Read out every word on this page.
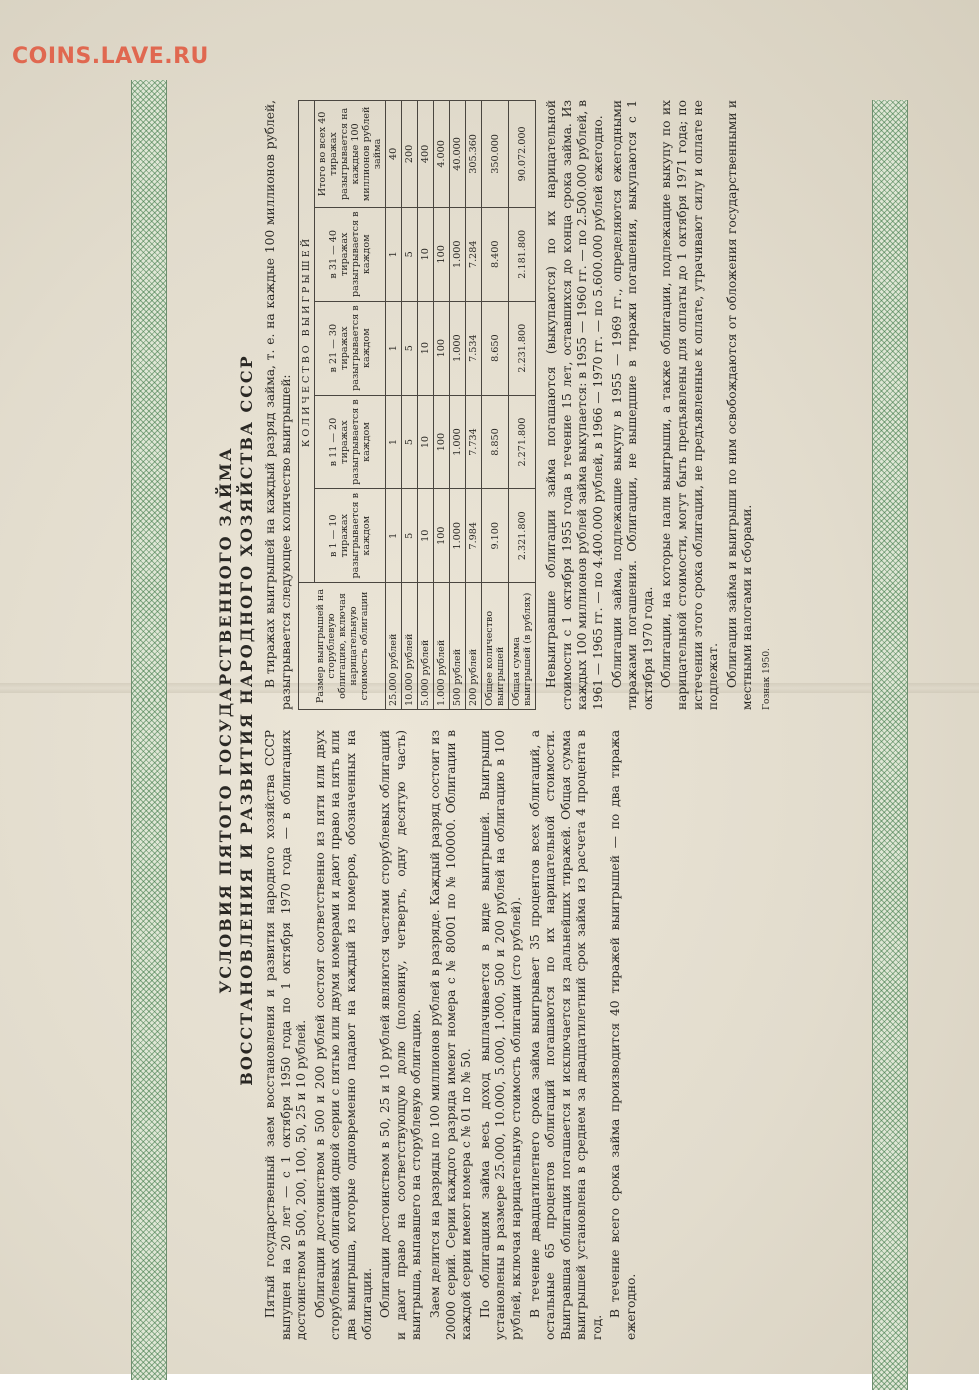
COINS.LAVE.RU
УСЛОВИЯ ПЯТОГО ГОСУДАРСТВЕННОГО ЗАЙМА ВОССТАНОВЛЕНИЯ И РАЗВИТИЯ НАРОДНОГО ХОЗЯЙСТВА СССР Пятый государственный заем восстановления и развития народного хозяйства СССР выпущен на 20 лет — с 1 октября 1950 года по 1 октября 1970 года — в облигациях достоинством в 500, 200, 100, 50, 25 и 10 рублей. Облигации достоинством в 500 и 200 рублей состоят соответственно из пяти или двух сторублевых облигаций одной серии с пятью или двумя номерами и дают право на пять или два выигрыша, которые одновременно падают на каждый из номеров, обозначенных на облигации. Облигации достоинством в 50, 25 и 10 рублей являются частями сторублевых облигаций и дают право на соответствующую долю (половину, четверть, одну десятую часть) выигрыша, выпавшего на сторублевую облигацию. Заем делится на разряды по 100 миллионов рублей в разряде. Каждый разряд состоит из 20000 серий. Серии каждого разряда имеют номера с № 80001 по № 100000. Облигации в каждой серии имеют номера с № 01 по № 50. По облигациям займа весь доход выплачивается в виде выигрышей. Выигрыши установлены в размере 25.000, 10.000, 5.000, 1.000, 500 и 200 рублей на облигацию в 100 рублей, включая нарицательную стоимость облигации (сто рублей). В течение двадцатилетнего срока займа выигрывает 35 процентов всех облигаций, а остальные 65 процентов облигаций погашаются по их нарицательной стоимости. Выигравшая облигация погашается и исключается из дальнейших тиражей. Общая сумма выигрышей установлена в среднем за двадцатилетний срок займа из расчета 4 процента в год.

В течение всего срока займа производится 40 тиражей выигрышей — по два тиража ежегодно.

В тиражах выигрышей на каждый разряд займа, т. е. на каждые 100 миллионов рублей, разыгрывается следующее количество выигрышей: Размер выигрышей на сторублевую облигацию, включая нарицательную стоимость облигации	КОЛИЧЕСТВО ВЫИГРЫШЕЙ				
	в 1 — 10 тиражах разыгрывается в каждом	в 11 — 20 тиражах разыгрывается в каждом	в 21 — 30 тиражах разыгрывается в каждом	в 31 — 40 тиражах разыгрывается в каждом	Итого во всех 40 тиражах разыгрывается на каждые 100 миллионов рублей займа
25.000 рублей	1	1	1	1	40
10.000 рублей	5	5	5	5	200
5.000 рублей	10	10	10	10	400
1.000 рублей	100	100	100	100	4.000
500 рублей	1.000	1.000	1.000	1.000	40.000
200 рублей	7.984	7.734	7.534	7.284	305.360
Общее количество выигрышей	9.100	8.850	8.650	8.400	350.000
Общая сумма выигрышей (в рублях)	2.321.800	2.271.800	2.231.800	2.181.800	90.072.000 Невыигравшие облигации займа погашаются (выкупаются) по их нарицательной стоимости с 1 октября 1955 года в течение 15 лет, оставшихся до конца срока займа. Из каждых 100 миллионов рублей займа выкупается: в 1955 — 1960 гг. — по 2.500.000 рублей, в 1961 — 1965 гг. — по 4.400.000 рублей, в 1966 — 1970 гг. — по 5.600.000 рублей ежегодно. Облигации займа, подлежащие выкупу в 1955 — 1969 гг., определяются ежегодными тиражами погашения. Облигации, не вышедшие в тиражи погашения, выкупаются с 1 октября 1970 года. Облигации, на которые пали выигрыши, а также облигации, подлежащие выкупу по их нарицательной стоимости, могут быть предъявлены для оплаты до 1 октября 1971 года; по истечении этого срока облигации, не предъявленные к оплате, утрачивают силу и оплате не подлежат. Облигации займа и выигрыши по ним освобождаются от обложения государственными и местными налогами и сборами. Гознак 1950.
